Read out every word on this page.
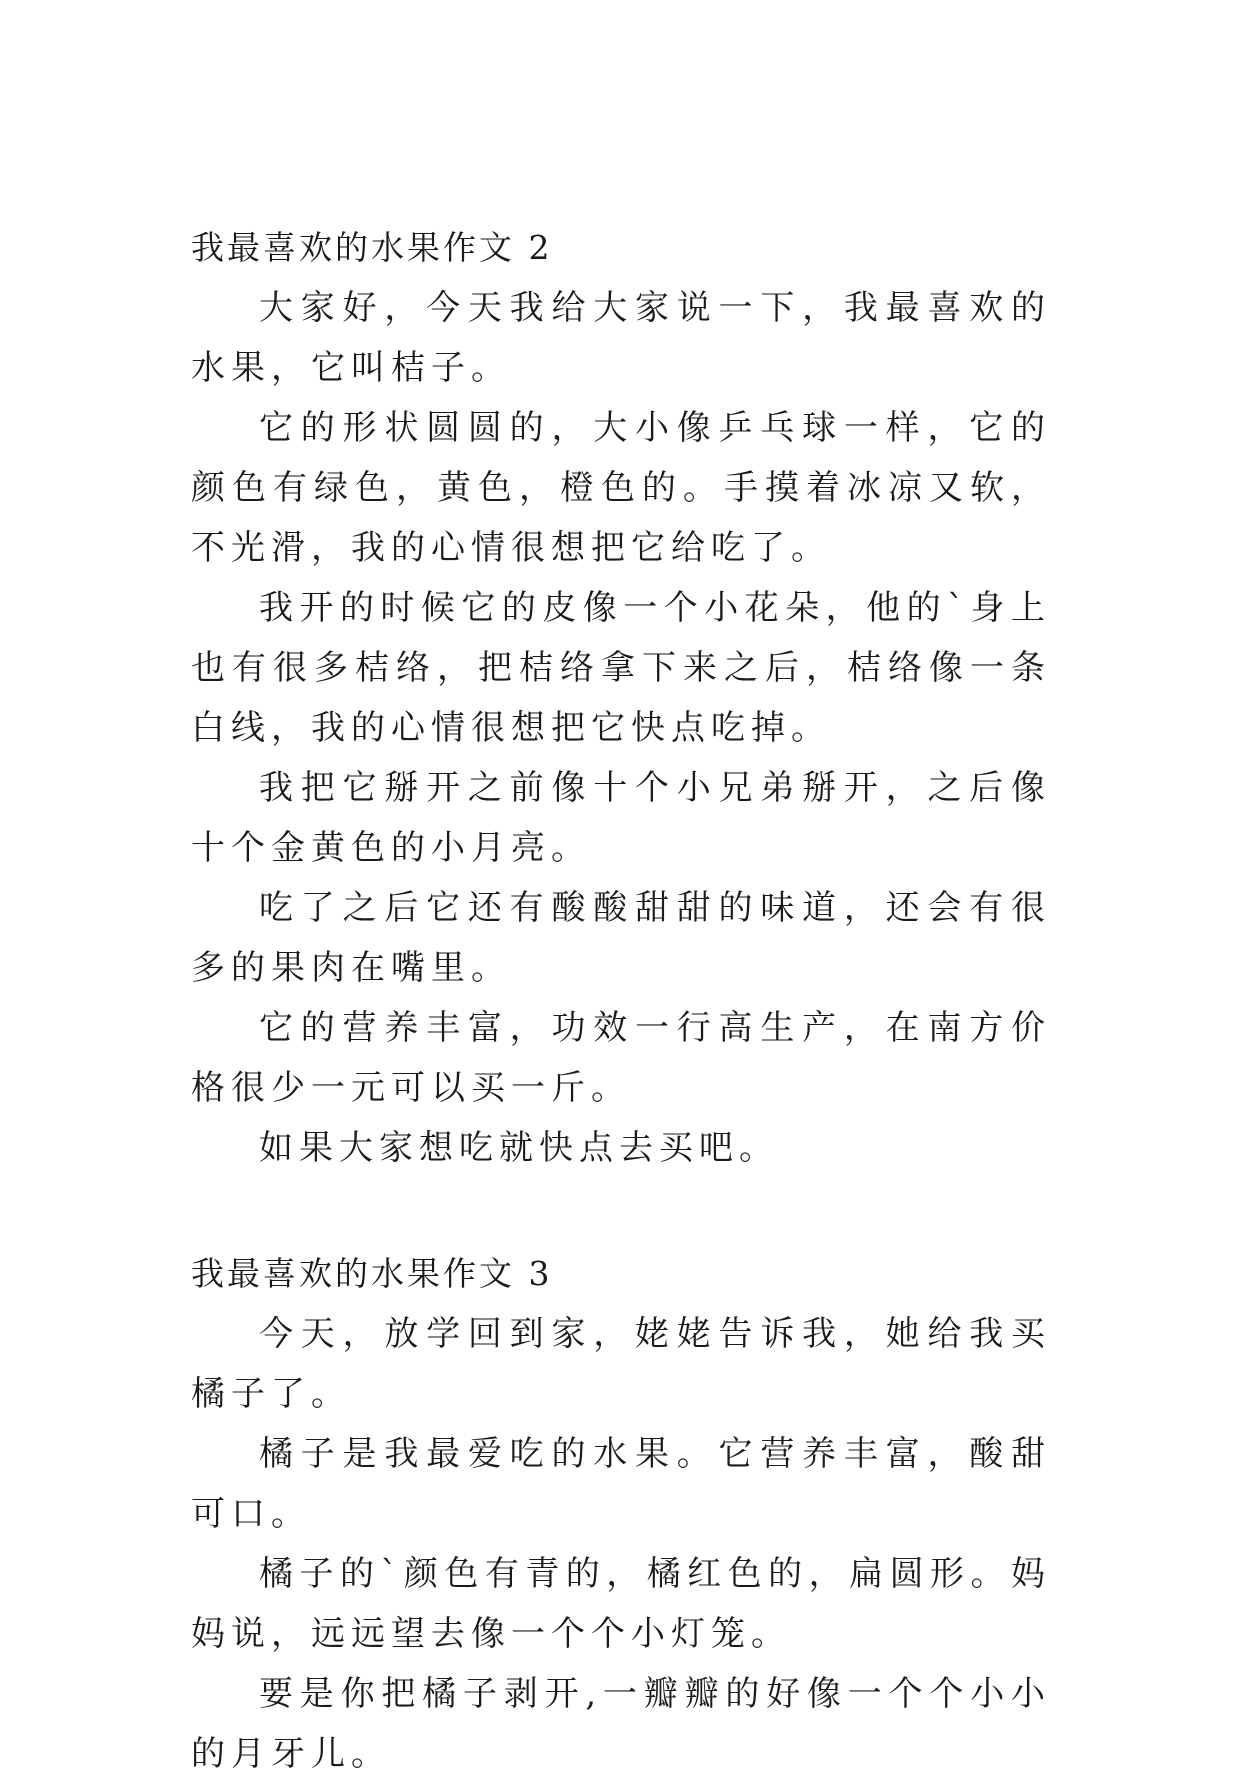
我最喜欢的水果作文 2

大家好，今天我给大家说一下，我最喜欢的水果，它叫桔子。

它的形状圆圆的，大小像乒乓球一样，它的颜色有绿色，黄色，橙色的。手摸着冰凉又软，不光滑，我的心情很想把它给吃了。

我开的时候它的皮像一个小花朵，他的`身上也有很多桔络，把桔络拿下来之后，桔络像一条白线，我的心情很想把它快点吃掉。

我把它掰开之前像十个小兄弟掰开，之后像十个金黄色的小月亮。

吃了之后它还有酸酸甜甜的味道，还会有很多的果肉在嘴里。

它的营养丰富，功效一行高生产，在南方价格很少一元可以买一斤。

如果大家想吃就快点去买吧。

我最喜欢的水果作文 3

今天，放学回到家，姥姥告诉我，她给我买橘子了。

橘子是我最爱吃的水果。它营养丰富，酸甜可口。

橘子的`颜色有青的，橘红色的，扁圆形。妈妈说，远远望去像一个个小灯笼。

要是你把橘子剥开,一瓣瓣的好像一个个小小的月牙儿。
